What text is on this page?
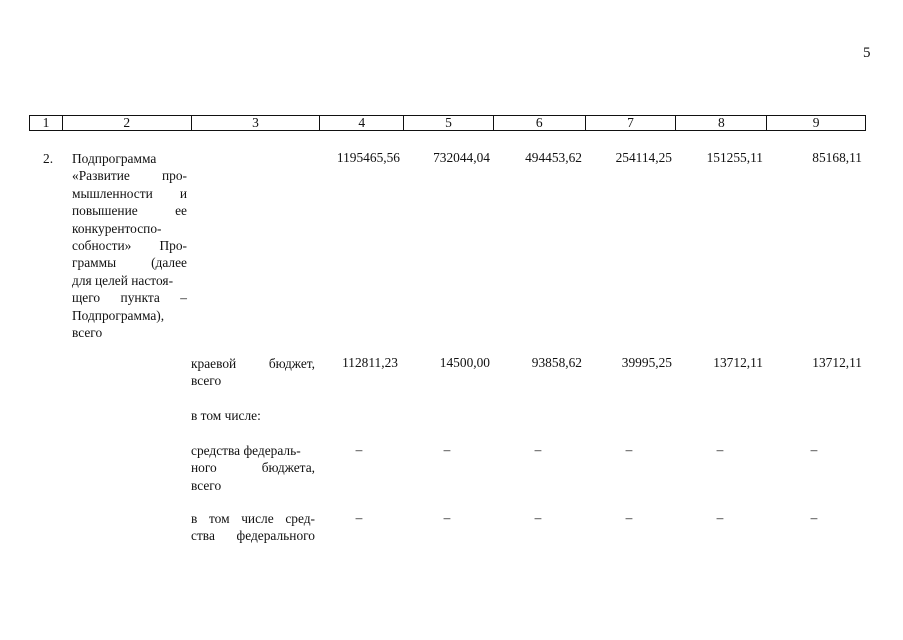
5
1	2	3	4	5	6	7	8	9
2. Подпрограмма
«Развитие про-
мышленности и
повышение ее
конкурентоспо-
собности» Про-
граммы (далее
для целей настоя-
щего пункта –
Подпрограмма),
всего
1195465,56 732044,04	494453,62	254114,25	151255,11	85168,11
краевой бюджет,
всего
112811,23	14500,00	93858,62	39995,25	13712,11	13712,11
в том числе:
средства федераль-
ного бюджета,
всего
–	–	–	–	–	–
в том числе сред-
ства федерального
–	–	–	–	–	–
